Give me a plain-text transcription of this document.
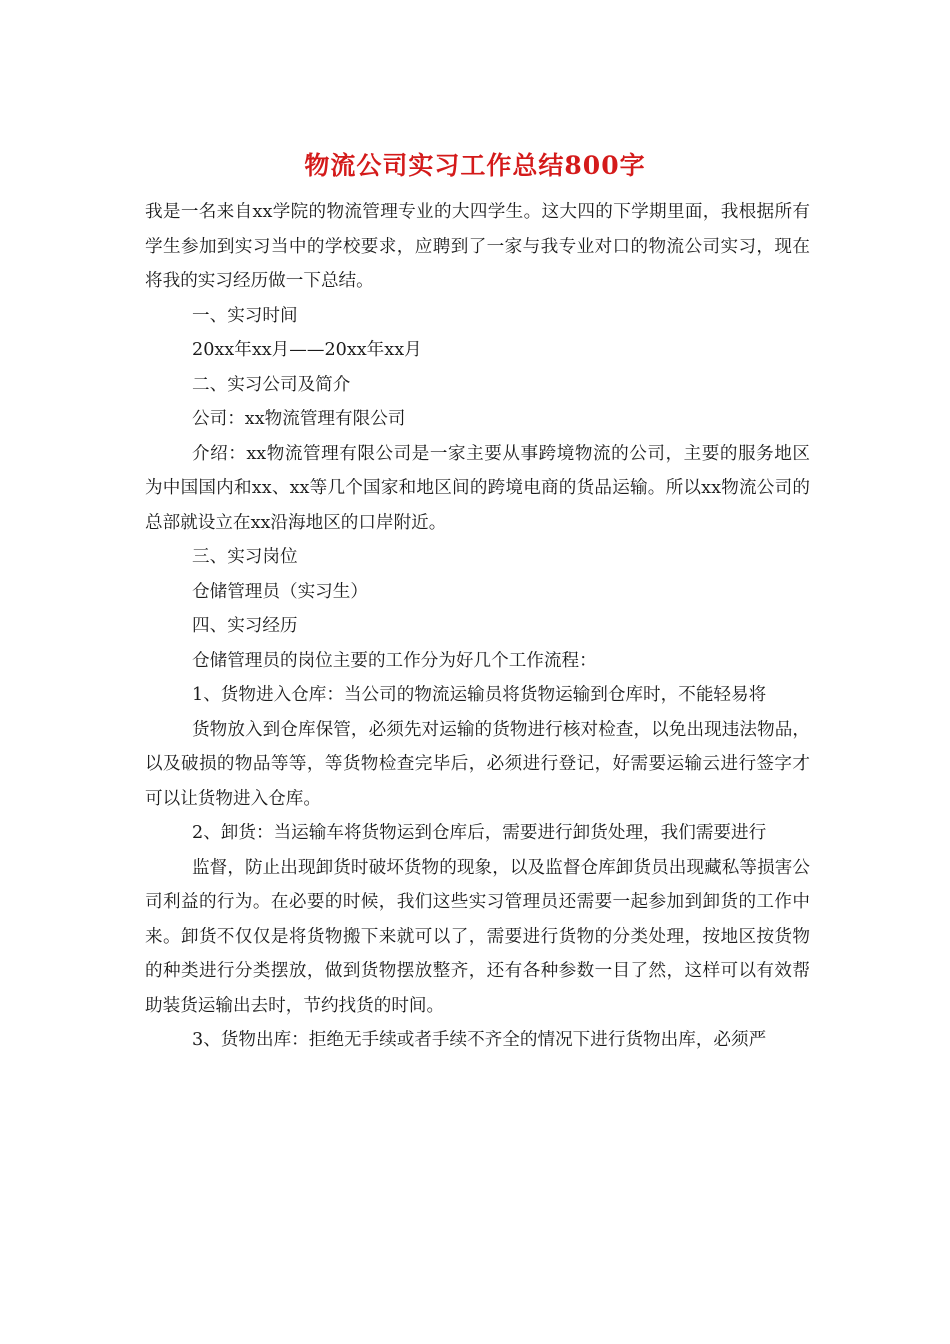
物流公司实习工作总结800字

我是一名来自xx学院的物流管理专业的大四学生。这大四的下学期里面，我根据所有学生参加到实习当中的学校要求，应聘到了一家与我专业对口的物流公司实习，现在将我的实习经历做一下总结。

一、实习时间

20xx年xx月——20xx年xx月

二、实习公司及简介

公司：xx物流管理有限公司

介绍：xx物流管理有限公司是一家主要从事跨境物流的公司，主要的服务地区为中国国内和xx、xx等几个国家和地区间的跨境电商的货品运输。所以xx物流公司的总部就设立在xx沿海地区的口岸附近。

三、实习岗位

仓储管理员（实习生）

四、实习经历

仓储管理员的岗位主要的工作分为好几个工作流程：

1、货物进入仓库：当公司的物流运输员将货物运输到仓库时，不能轻易将

货物放入到仓库保管，必须先对运输的货物进行核对检查，以免出现违法物品，以及破损的物品等等，等货物检查完毕后，必须进行登记，好需要运输云进行签字才可以让货物进入仓库。

2、卸货：当运输车将货物运到仓库后，需要进行卸货处理，我们需要进行

监督，防止出现卸货时破坏货物的现象，以及监督仓库卸货员出现藏私等损害公司利益的行为。在必要的时候，我们这些实习管理员还需要一起参加到卸货的工作中来。卸货不仅仅是将货物搬下来就可以了，需要进行货物的分类处理，按地区按货物的种类进行分类摆放，做到货物摆放整齐，还有各种参数一目了然，这样可以有效帮助装货运输出去时，节约找货的时间。

3、货物出库：拒绝无手续或者手续不齐全的情况下进行货物出库，必须严
